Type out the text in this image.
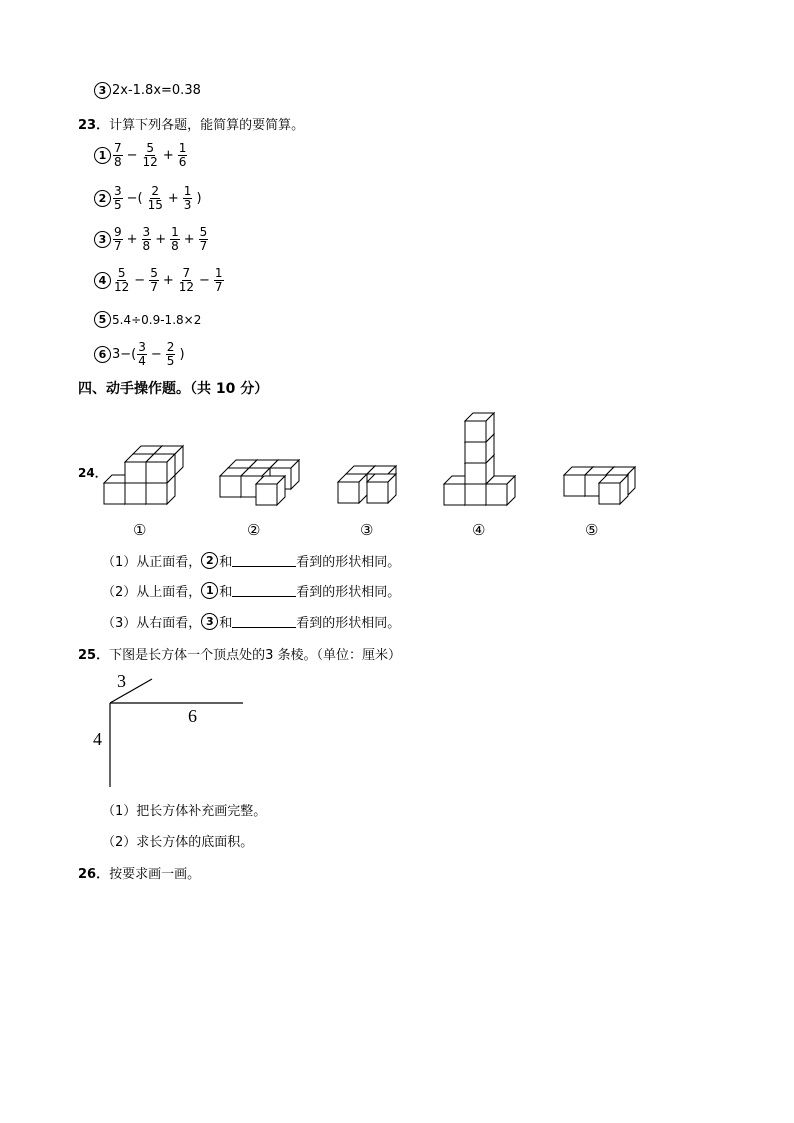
3 2x-1.8x=0.38
23．计算下列各题，能简算的要简算。
$1 \frac{7}{8} - \frac{5}{12} + \frac{1}{6}$
$2 \frac{3}{5}$ −( $\frac{2}{15} + \frac{1}{3}$ )
$3 \frac{9}{7} + \frac{3}{8} + \frac{1}{8} + \frac{5}{7}$
$4 \frac{5}{12} - \frac{5}{7} + \frac{7}{12} - \frac{1}{7}$
5 5.4÷0.9-1.8×2
6 $3-( \frac{3}{4} - \frac{2}{5}$ )
四、动手操作题。（共 10 分）
24．
①	②	③	④	⑤
（1）从正面看， 2 和	看到的形状相同。
（2）从上面看， 1 和	看到的形状相同。
（3）从右面看， 3 和	看到的形状相同。
25．下图是长方体一个顶点处的3 条棱。（单位：厘米）
3
6
4
（1）把长方体补充画完整。
（2）求长方体的底面积。
26．按要求画一画。
